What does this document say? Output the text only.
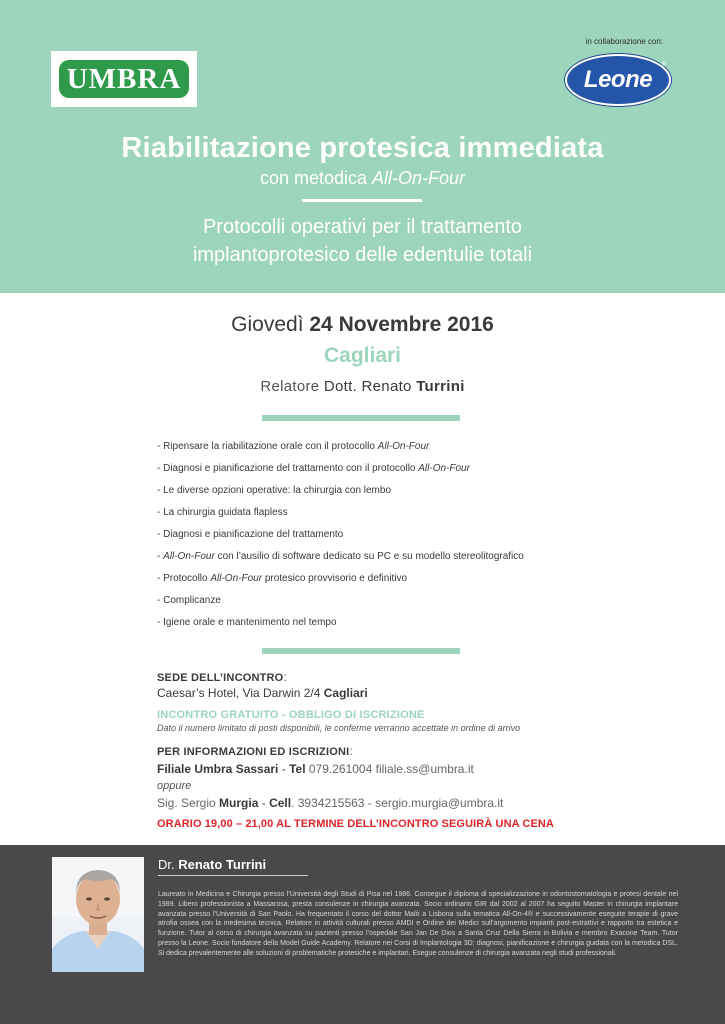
UMBRA
in collaborazione con:
Leone
®
Riabilitazione protesica immediata
con metodica All-On-Four
Protocolli operativi per il trattamento
implantoprotesico delle edentulie totali
Giovedì 24 Novembre 2016
Cagliari
Relatore Dott. Renato Turrini
- Ripensare la riabilitazione orale con il protocollo All-On-Four
- Diagnosi e pianificazione del trattamento con il protocollo All-On-Four
- Le diverse opzioni operative: la chirurgia con lembo
- La chirurgia guidata flapless
- Diagnosi e pianificazione del trattamento
- All-On-Four con l’ausilio di software dedicato su PC e su modello stereolitografico
- Protocollo All-On-Four protesico provvisorio e definitivo
- Complicanze
- Igiene orale e mantenimento nel tempo
SEDE DELL’INCONTRO:
Caesar’s Hotel, Via Darwin 2/4 Cagliari
INCONTRO GRATUITO - OBBLIGO DI ISCRIZIONE
Dato il numero limitato di posti disponibili, le conferme verranno accettate in ordine di arrivo
PER INFORMAZIONI ED ISCRIZIONI:
Filiale Umbra Sassari - Tel 079.261004 filiale.ss@umbra.it
oppure
Sig. Sergio Murgia - Cell. 3934215563 - sergio.murgia@umbra.it
ORARIO 19,00 – 21,00 AL TERMINE DELL’INCONTRO SEGUIRÀ UNA CENA
Dr. Renato Turrini
Laureato in Medicina e Chirurgia presso l’Università degli Studi di Pisa nel 1986. Consegue il diploma di specializzazione in odontostomatologia e protesi dentale nel 1989. Libero professionista a Massarosa, presta consulenze in chirurgia avanzata. Socio ordinario GIR dal 2002 al 2007 ha seguito Master in chirurgia implantare avanzata presso l’Università di San Paolo. Ha frequentato il corso del dottor Malò a Lisbona sulla tematica All-On-4® e successivamente eseguite terapie di grave atrofia ossea con la medesima tecnica. Relatore in attività culturali presso AMDI e Ordine dei Medici sull’argomento impianti post-estrattivi e rapporto tra estetica e funzione. Tutor al corso di chirurgia avanzata su pazienti presso l’ospedale San Jan De Dios a Santa Cruz Della Sierra in Bolivia e membro Exacone Team. Tutor presso la Leone. Socio fondatore della Model Guide Academy. Relatore nei Corsi di Implantologia 3D: diagnosi, pianificazione e chirurgia guidata con la metodica DSL. Si dedica prevalentemente alle soluzioni di problematiche protesiche e implantari. Esegue consulenze di chirurgia avanzata negli studi professionali.
